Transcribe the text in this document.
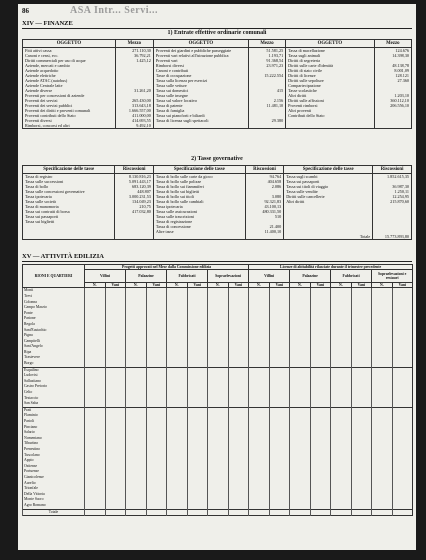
86	ASA Intr... Servi...
XIV — FINANZE
1) Entrate effettive ordinarie comunali
OGGETTO	Mezzo	OGGETTO	Mezzo	OGGETTO	Mezzo
Fitti attivi cassa	271.110,30	Proventi dei giardini e pubbliche passeggiate	51.581,25	Tassa di macellazione	124.676
Canoni e censi, ecc.	36.792,21	Proventi vari relativi all'istruzione pubblica	1.193,71	Tassa sugli animali	14.398,30
Diritti commerciali per uso di acque	1.425,12	Proventi vari	91.368,54	Diritti di segreteria	
Aziende, mercati e cambio		Rimborsi diversi	23.971,23	Diritti sulle carte d'identità	48.138,78
Aziende acquedotto		Canoni e contributi		Diritti di stato civile	8.001,09
Aziende elettriche		Tasse di occupazione	15.222.554	Diritti di licenze	128.121
Aziende ATAC (autobus)		Tassa sulla licenza per esercizi		Diritti sulle sepolture	27.360
Aziende Centrale latte		Tassa sulle vetture		Compartecipazione	
Aziende diverse	31.261,20	Tassa sui domestici	415	Tasse scolastiche	
Proventi per concessioni di aziende		Tassa sulle insegne		Altri diritti	1.203,10
Proventi dei servizi	265.430,00	Tassa sul valore locativo	2.156	Diritti sulle affissioni	360.112,10
Proventi dei servizi pubblici	313.643,18	Tassa di patente	11.481,10	Proventi rimborsi	206.556,10
Proventi dei diritti e proventi comunali	1.666.557,00	Tassa di famiglia		Altri proventi	
Proventi contributi dello Stato	411.000,00	Tassa sui pianoforti e biliardi		Contributi dello Stato	
Proventi diversi	414.693,55	Tassa di licenza sugli spettacoli	29.380		
Rimborsi, concorsi ed altri	9.492,10				
2) Tasse governative
Specificazione delle tasse	Riscossioni	Specificazione delle tasse	Riscossioni	Specificazione delle tasse	Riscossioni
Tassa di registro	8.130.816,23	Tassa di bollo sulle carte da gioco	94.764	Tassa sugli scambi	1.852.615,35
Tassa sulle successioni	5.091.443,17	Tassa di bollo sulle polizze	404.658	Tassa sui passaporti	
Tassa di bollo	683.120,39	Tassa di bollo sui fiammiferi	2.086	Tassa sui titoli di viaggio	36.987,30
Tassa sulle concessioni governative	448.807	Tassa di bollo sui biglietti		Tassa sulle vendite	1.250,11
Tassa ipotecaria	3.000.231,53	Tassa di bollo sui titoli	3.080	Diritti sulle cancellerie	12.254,95
Tassa sulle società	134.049,23	Tassa di bollo sulle cambiali	92.321,83	Altri diritti	215.870,60
Tassa di manomorta	210,75	Tassa ipotecaria	43.100,13		
Tassa sui contratti di borsa	417.032,80	Tassa sulle assicurazioni	480.331,50		
Tassa sui passaporti		Tassa sulle trascrizioni	510		
Tassa sui biglietti		Tassa di registrazione			
		Tassa di concessione	21.400		
		Altre tasse	11.400,10		
				Totale	15.773.893,80
XV — ATTIVITÀ EDILIZIA
RIONI E QUARTIERI	Progetti approvati nel Mese dalla Commissione edilizia								Licenze di abitabilità rilasciate durante il trimestre precedente							
	Villini		Palazzine		Fabbricati		Sopraelevazioni		Villini		Palazzine		Fabbricati		Sopraelevazioni e restauri	
	N.	Vani	N.	Vani	N.	Vani	N.	Vani	N.	Vani	N.	Vani	N.	Vani	N.	Vani
Monti																
Trevi																
Colonna																
Campo Marzio																
Ponte																
Parione																
Regola																
Sant'Eustachio																
Pigna																
Campitelli																
Sant'Angelo																
Ripa																
Trastevere																
Borgo																
Esquilino																
Ludovisi																
Sallustiano																
Castro Pretorio																
Celio																
Testaccio																
San Saba																
Prati																
Flaminio																
Parioli																
Pinciano																
Salario																
Nomentano																
Tiburtino																
Prenestino																
Tuscolano																
Appio																
Ostiense																
Portuense																
Gianicolense																
Aurelio																
Trionfale																
Della Vittoria																
Monte Sacro																
Agro Romano																
Totale																
